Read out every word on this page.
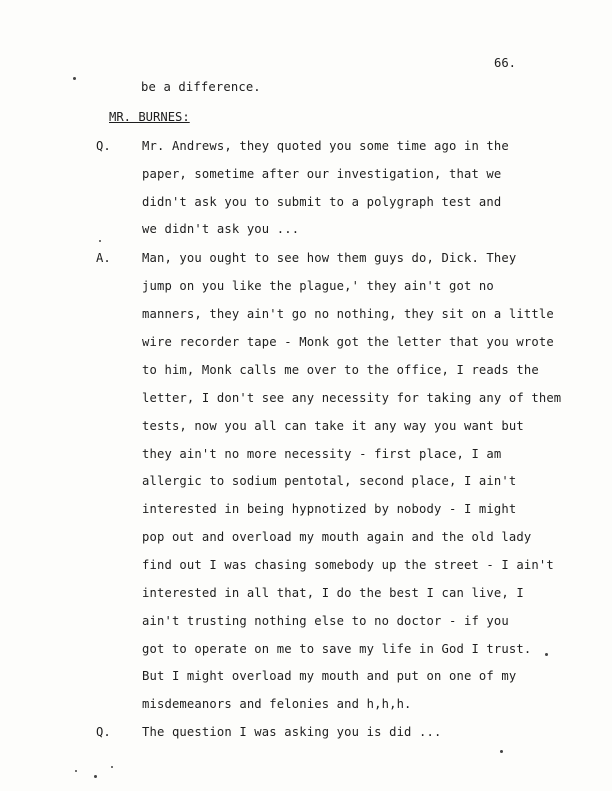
66.
be a difference.
MR. BURNES:
Q.	Mr. Andrews, they quoted you some time ago in the
paper, sometime after our investigation, that we
didn't ask you to submit to a polygraph test and
we didn't ask you ...
A.	Man, you ought to see how them guys do, Dick. They
jump on you like the plague,' they ain't got no
manners, they ain't go no nothing, they sit on a little
wire recorder tape - Monk got the letter that you wrote
to him, Monk calls me over to the office, I reads the
letter, I don't see any necessity for taking any of them
tests, now you all can take it any way you want but
they ain't no more necessity - first place, I am
allergic to sodium pentotal, second place, I ain't
interested in being hypnotized by nobody - I might
pop out and overload my mouth again and the old lady
find out I was chasing somebody up the street - I ain't
interested in all that, I do the best I can live, I
ain't trusting nothing else to no doctor - if you
got to operate on me to save my life in God I trust.
But I might overload my mouth and put on one of my
misdemeanors and felonies and h,h,h.
Q.	The question I was asking you is did ...
